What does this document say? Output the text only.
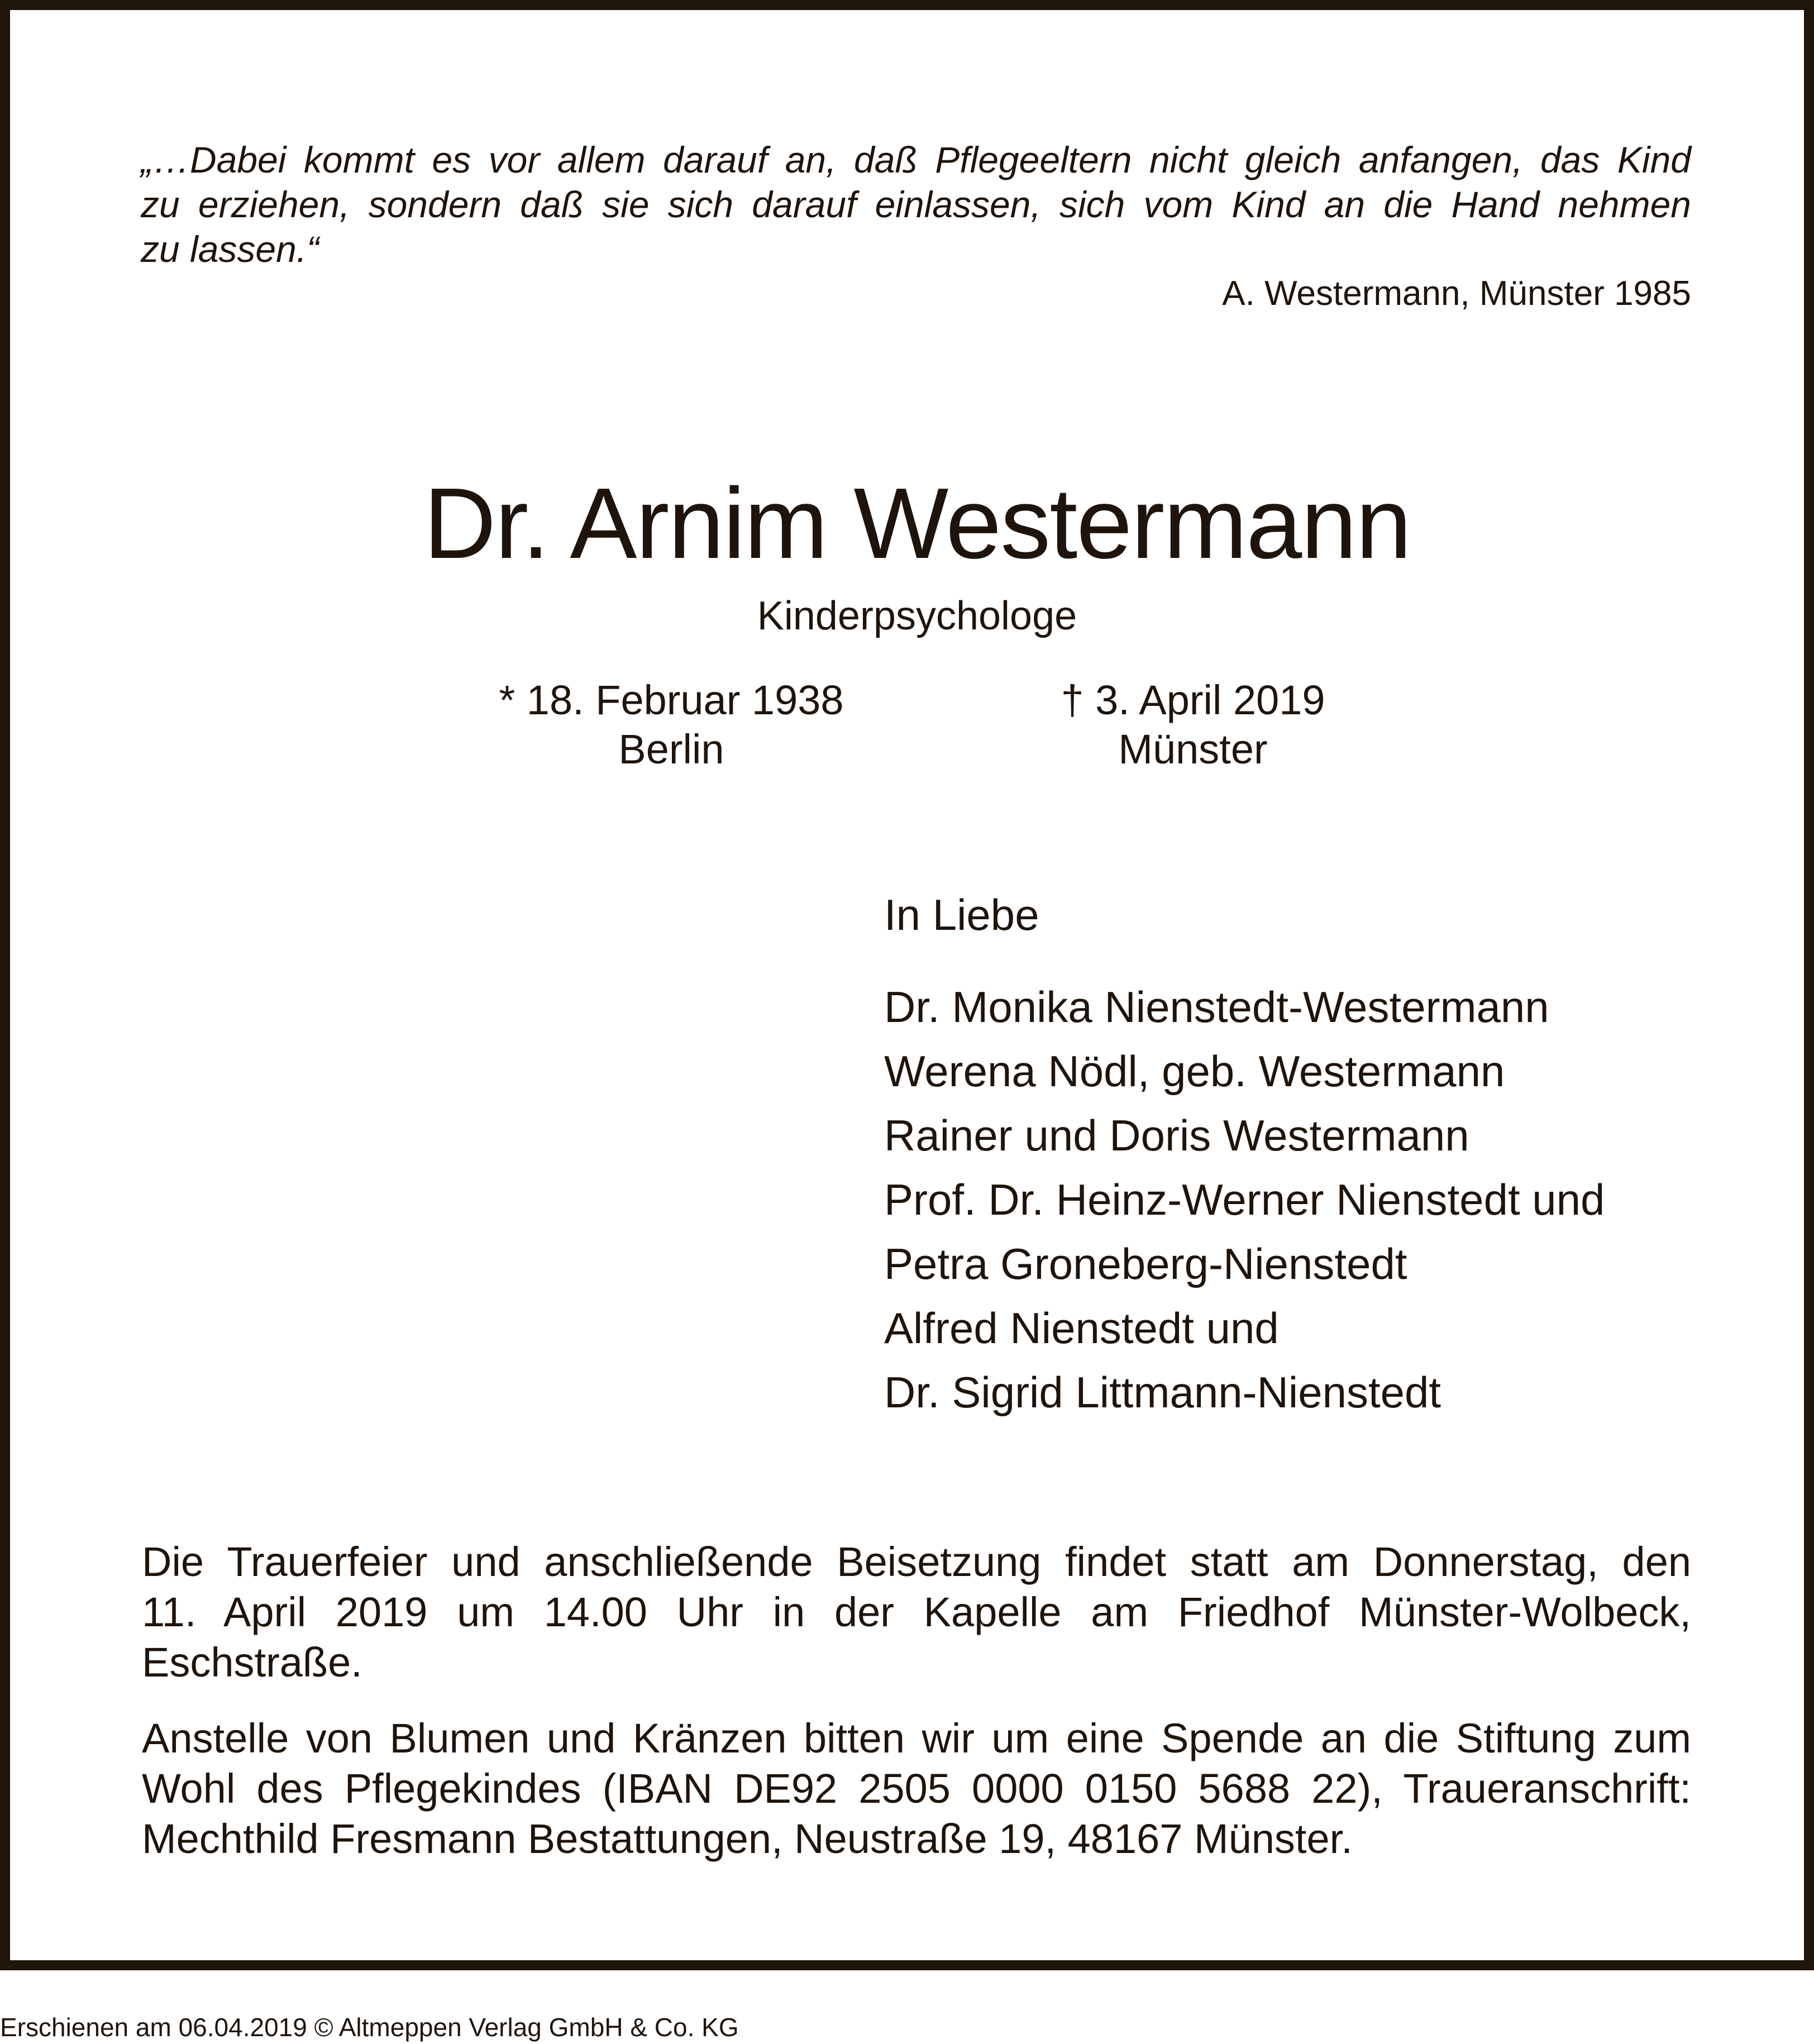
„…Dabei kommt es vor allem darauf an, daß Pflegeeltern nicht gleich anfangen, das Kind
zu erziehen, sondern daß sie sich darauf einlassen, sich vom Kind an die Hand nehmen
zu lassen.“

A. Westermann, Münster 1985
Dr. Arnim Westermann
Kinderpsychologe
* 18. Februar 1938
Berlin
† 3. April 2019
Münster
In Liebe
Dr. Monika Nienstedt-Westermann
Werena Nödl, geb. Westermann
Rainer und Doris Westermann
Prof. Dr. Heinz-Werner Nienstedt und
Petra Groneberg-Nienstedt
Alfred Nienstedt und
Dr. Sigrid Littmann-Nienstedt

Die Trauerfeier und anschließende Beisetzung findet statt am Donnerstag, den
11. April 2019 um 14.00 Uhr in der Kapelle am Friedhof Münster-Wolbeck,
Eschstraße.

Anstelle von Blumen und Kränzen bitten wir um eine Spende an die Stiftung zum
Wohl des Pflegekindes (IBAN DE92 2505 0000 0150 5688 22), Traueranschrift:
Mechthild Fresmann Bestattungen, Neustraße 19, 48167 Münster.

Erschienen am 06.04.2019 © Altmeppen Verlag GmbH & Co. KG
